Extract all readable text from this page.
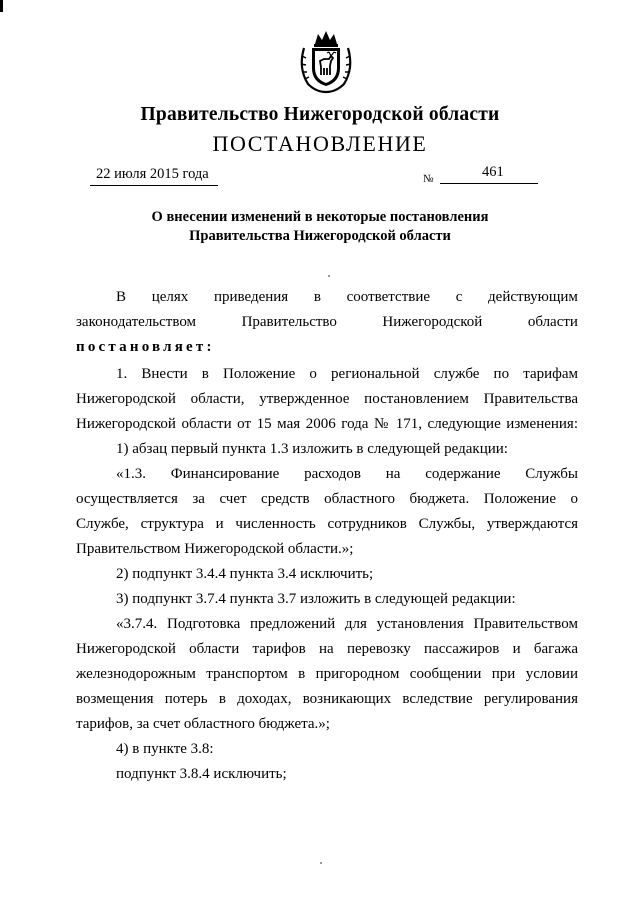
Правительство Нижегородской области
ПОСТАНОВЛЕНИЕ
22 июля 2015 года	№	461
О внесении изменений в некоторые постановления
Правительства Нижегородской области
В целях приведения в соответствие с действующим
законодательством	Правительство	Нижегородской	области
постановляет:
1. Внести в Положение о региональной службе по тарифам
Нижегородской области, утвержденное постановлением Правительства
Нижегородской области от 15 мая 2006 года № 171, следующие изменения:
1) абзац первый пункта 1.3 изложить в следующей редакции:
«1.3. Финансирование расходов на содержание Службы
осуществляется за счет средств областного бюджета. Положение о
Службе, структура и численность сотрудников Службы, утверждаются
Правительством Нижегородской области.»;
2) подпункт 3.4.4 пункта 3.4 исключить;
3) подпункт 3.7.4 пункта 3.7 изложить в следующей редакции:
«3.7.4. Подготовка предложений для установления Правительством
Нижегородской области тарифов на перевозку пассажиров и багажа
железнодорожным транспортом в пригородном сообщении при условии
возмещения потерь в доходах, возникающих вследствие регулирования
тарифов, за счет областного бюджета.»;
4) в пункте 3.8:
подпункт 3.8.4 исключить;
